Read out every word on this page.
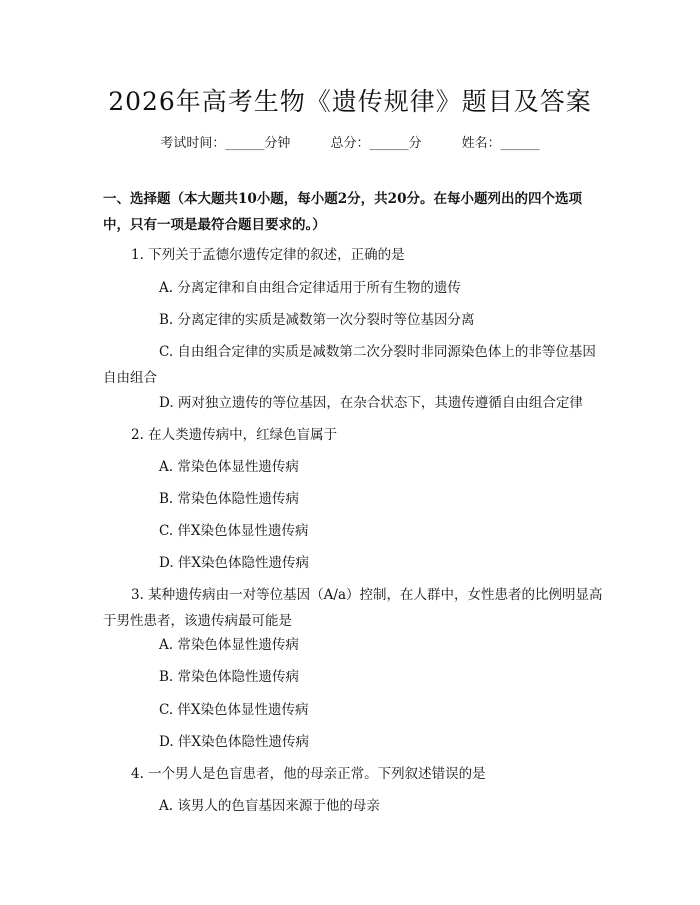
2026年高考生物《遗传规律》题目及答案
考试时间：______分钟	总分：______分	姓名：______
一、选择题（本大题共10小题，每小题2分，共20分。在每小题列出的四个选项中，只有一项是最符合题目要求的。）
1. 下列关于孟德尔遗传定律的叙述，正确的是
A. 分离定律和自由组合定律适用于所有生物的遗传
B. 分离定律的实质是减数第一次分裂时等位基因分离
C. 自由组合定律的实质是减数第二次分裂时非同源染色体上的非等位基因自由组合
D. 两对独立遗传的等位基因，在杂合状态下，其遗传遵循自由组合定律
2. 在人类遗传病中，红绿色盲属于
A. 常染色体显性遗传病
B. 常染色体隐性遗传病
C. 伴X染色体显性遗传病
D. 伴X染色体隐性遗传病
3. 某种遗传病由一对等位基因（A/a）控制，在人群中，女性患者的比例明显高于男性患者，该遗传病最可能是
A. 常染色体显性遗传病
B. 常染色体隐性遗传病
C. 伴X染色体显性遗传病
D. 伴X染色体隐性遗传病
4. 一个男人是色盲患者，他的母亲正常。下列叙述错误的是
A. 该男人的色盲基因来源于他的母亲
